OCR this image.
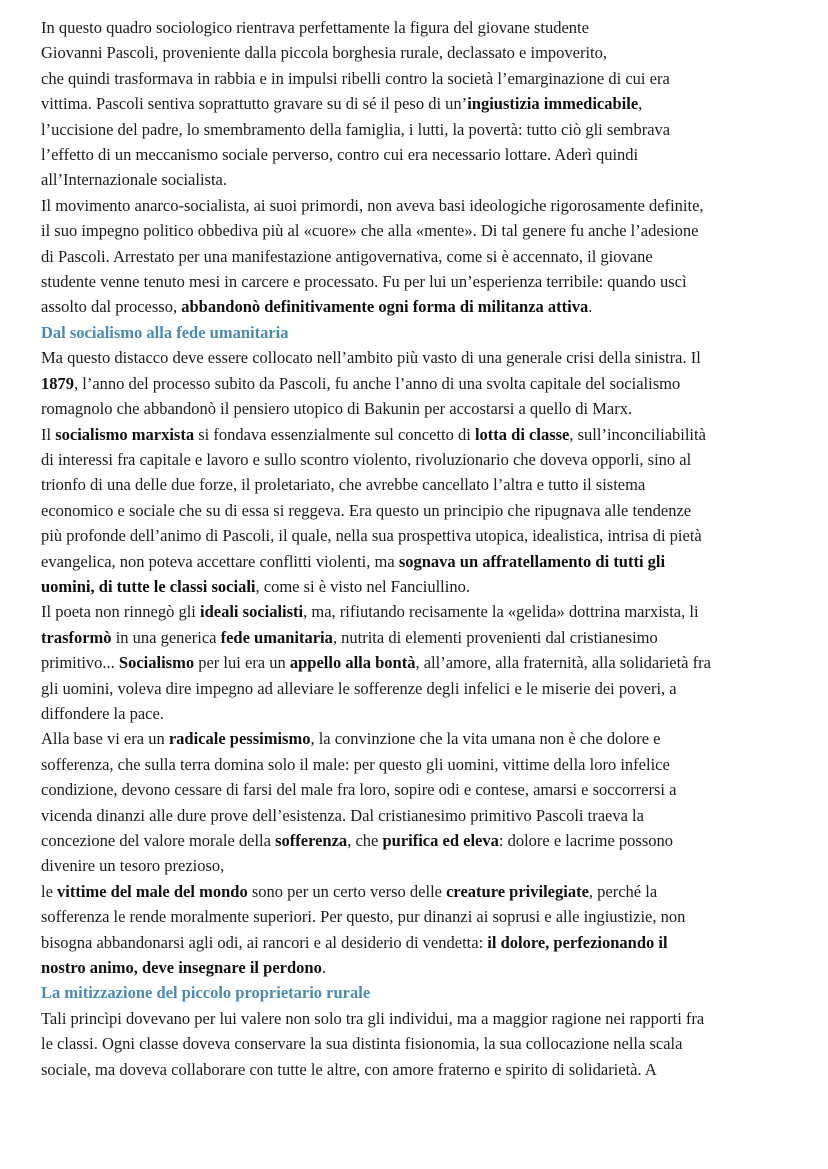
In questo quadro sociologico rientrava perfettamente la figura del giovane studente
Giovanni Pascoli, proveniente dalla piccola borghesia rurale, declassato e impoverito,
che quindi trasformava in rabbia e in impulsi ribelli contro la società l’emarginazione di cui era
vittima. Pascoli sentiva soprattutto gravare su di sé il peso di un’ingiustizia immedicabile,
l’uccisione del padre, lo smembramento della famiglia, i lutti, la povertà: tutto ciò gli sembrava
l’effetto di un meccanismo sociale perverso, contro cui era necessario lottare. Aderì quindi
all’Internazionale socialista.
Il movimento anarco-socialista, ai suoi primordi, non aveva basi ideologiche rigorosamente definite,
il suo impegno politico obbediva più al «cuore» che alla «mente». Di tal genere fu anche l’adesione
di Pascoli. Arrestato per una manifestazione antigovernativa, come si è accennato, il giovane
studente venne tenuto mesi in carcere e processato. Fu per lui un’esperienza terribile: quando uscì
assolto dal processo, abbandonò definitivamente ogni forma di militanza attiva.
Dal socialismo alla fede umanitaria
Ma questo distacco deve essere collocato nell’ambito più vasto di una generale crisi della sinistra. Il
1879, l’anno del processo subito da Pascoli, fu anche l’anno di una svolta capitale del socialismo
romagnolo che abbandonò il pensiero utopico di Bakunin per accostarsi a quello di Marx.
Il socialismo marxista si fondava essenzialmente sul concetto di lotta di classe, sull’inconciliabilità
di interessi fra capitale e lavoro e sullo scontro violento, rivoluzionario che doveva opporli, sino al
trionfo di una delle due forze, il proletariato, che avrebbe cancellato l’altra e tutto il sistema
economico e sociale che su di essa si reggeva. Era questo un principio che ripugnava alle tendenze
più profonde dell’animo di Pascoli, il quale, nella sua prospettiva utopica, idealistica, intrisa di pietà
evangelica, non poteva accettare conflitti violenti, ma sognava un affratellamento di tutti gli
uomini, di tutte le classi sociali, come si è visto nel Fanciullino.
Il poeta non rinnegò gli ideali socialisti, ma, rifiutando recisamente la «gelida» dottrina marxista, li
trasformò in una generica fede umanitaria, nutrita di elementi provenienti dal cristianesimo
primitivo... Socialismo per lui era un appello alla bontà, all’amore, alla fraternità, alla solidarietà fra
gli uomini, voleva dire impegno ad alleviare le sofferenze degli infelici e le miserie dei poveri, a
diffondere la pace.
Alla base vi era un radicale pessimismo, la convinzione che la vita umana non è che dolore e
sofferenza, che sulla terra domina solo il male: per questo gli uomini, vittime della loro infelice
condizione, devono cessare di farsi del male fra loro, sopire odi e contese, amarsi e soccorrersi a
vicenda dinanzi alle dure prove dell’esistenza. Dal cristianesimo primitivo Pascoli traeva la
concezione del valore morale della sofferenza, che purifica ed eleva: dolore e lacrime possono
divenire un tesoro prezioso,
le vittime del male del mondo sono per un certo verso delle creature privilegiate, perché la
sofferenza le rende moralmente superiori. Per questo, pur dinanzi ai soprusi e alle ingiustizie, non
bisogna abbandonarsi agli odi, ai rancori e al desiderio di vendetta: il dolore, perfezionando il
nostro animo, deve insegnare il perdono.
La mitizzazione del piccolo proprietario rurale
Tali princìpi dovevano per lui valere non solo tra gli individui, ma a maggior ragione nei rapporti fra
le classi. Ogni classe doveva conservare la sua distinta fisionomia, la sua collocazione nella scala
sociale, ma doveva collaborare con tutte le altre, con amore fraterno e spirito di solidarietà. A
